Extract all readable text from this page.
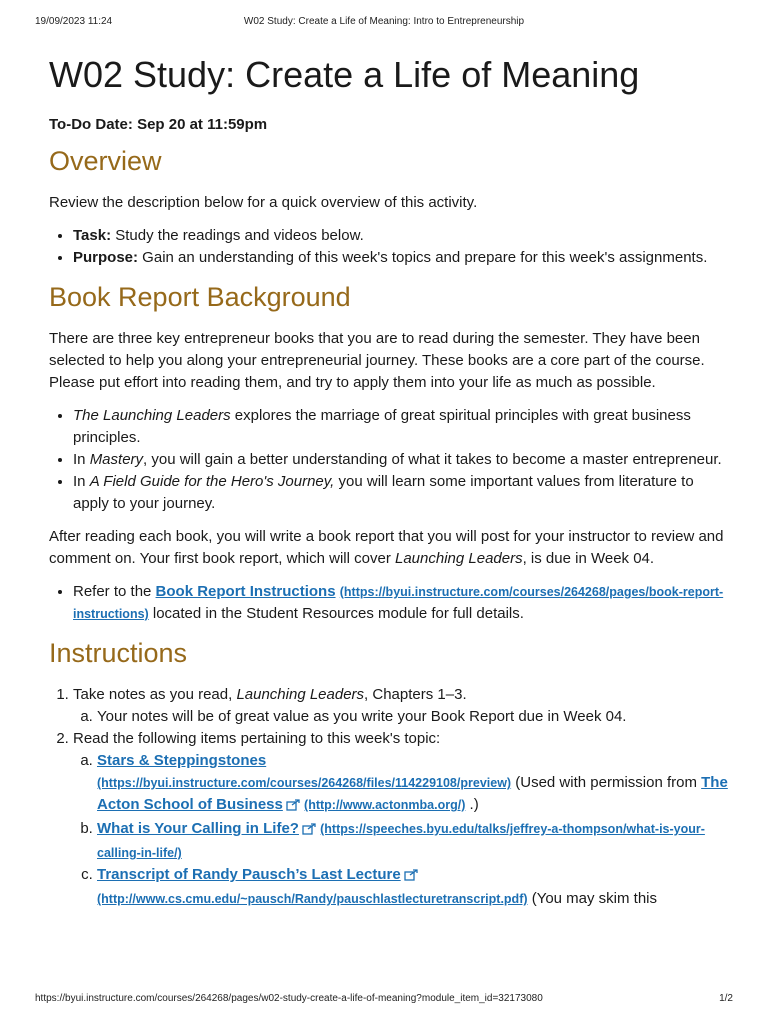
19/09/2023 11:24	W02 Study: Create a Life of Meaning: Intro to Entrepreneurship
W02 Study: Create a Life of Meaning
To-Do Date: Sep 20 at 11:59pm
Overview

Review the description below for a quick overview of this activity.

• Task: Study the readings and videos below.
• Purpose: Gain an understanding of this week's topics and prepare for this week's assignments.
Book Report Background

There are three key entrepreneur books that you are to read during the semester. They have been selected to help you along your entrepreneurial journey. These books are a core part of the course. Please put effort into reading them, and try to apply them into your life as much as possible.

• The Launching Leaders explores the marriage of great spiritual principles with great business principles.
• In Mastery, you will gain a better understanding of what it takes to become a master entrepreneur.
• In A Field Guide for the Hero's Journey, you will learn some important values from literature to apply to your journey.

After reading each book, you will write a book report that you will post for your instructor to review and comment on. Your first book report, which will cover Launching Leaders, is due in Week 04.

• Refer to the Book Report Instructions (https://byui.instructure.com/courses/264268/pages/book-report-instructions) located in the Student Resources module for full details.
Instructions
1. Take notes as you read, Launching Leaders, Chapters 1–3.
a. Your notes will be of great value as you write your Book Report due in Week 04.
2. Read the following items pertaining to this week's topic:
a. Stars & Steppingstones
(https://byui.instructure.com/courses/264268/files/114229108/preview) (Used with permission from The Acton School of Business (http://www.actonmba.org/) .)
b. What is Your Calling in Life? (https://speeches.byu.edu/talks/jeffrey-a-thompson/what-is-your-calling-in-life/)
c. Transcript of Randy Pausch’s Last Lecture
(http://www.cs.cmu.edu/~pausch/Randy/pauschlastlecturetranscript.pdf) (You may skim this
https://byui.instructure.com/courses/264268/pages/w02-study-create-a-life-of-meaning?module_item_id=32173080	1/2
